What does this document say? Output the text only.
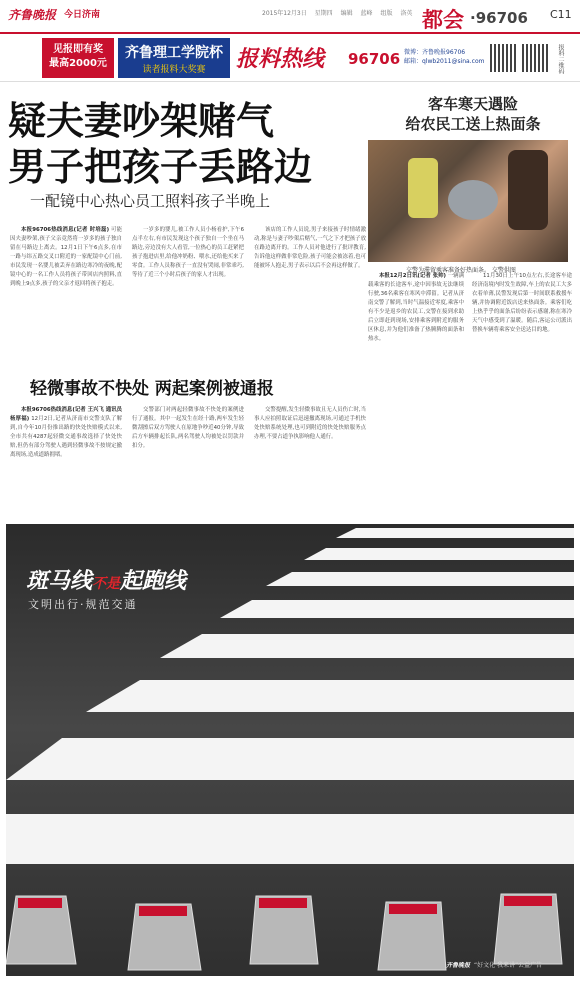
齐鲁晚报 今日济南	2015年12月3日 星期四 编辑 蓝峰 组版 洛英 都会 ·96706 C11
见报即有奖
最高2000元
齐鲁理工学院杯
读者报料大奖赛	报料热线 96706 微博：齐鲁晚报96706
邮箱：qlwb2011@sina.com	报料二维码
疑夫妻吵架赌气
男子把孩子丢路边
一配镜中心热心员工照料孩子半晚上

本报96706热线消息(记者 时培磊) 可能因夫妻吵架,孩子父亲竟然将一岁多的孩子独自留在马路边上离去。12月1日下午6点多,在市一路与纬五路交叉口附近的一家配镜中心门前,市民发现一名婴儿被丢弃在路边寒冷的夜晚,配镜中心的一名工作人员将孩子带回店内照料,直到晚上9点多,孩子的父亲才返回将孩子抱走。

一岁多的婴儿,被工作人员小杨看护,下午6点半左右,有市民发现这个孩子独自一个坐在马路边,旁边没有大人看管,一位热心的员工赶紧把孩子抱进店里,给他冲奶粉、喂水,还给他买来了零食。工作人员称孩子一直没有哭闹,非常乖巧,等待了近三个小时后孩子的家人才出现。

该店的工作人员说,男子来接孩子时情绪激动,称是与妻子吵架后赌气,一气之下才把孩子放在路边离开的。工作人员对他进行了批评教育,告诉他这样做非常危险,孩子可能会被冻着,也可能被坏人抱走,男子表示以后不会再这样做了。

客车寒天遇险
给农民工送上热面条
交警为滞留乘客准备好热面条。 交警供图

本报12月2日讯(记者 张帅) 一辆满载乘客的长途客车,途中因事故无法继续行驶,36名乘客在寒风中滞留。记者从济南交警了解到,当时气温接近零度,乘客中有不少是返乡的农民工,交警在接到求助后立即赶到现场,安排乘客到附近的服务区休息,并为他们准备了热腾腾的面条和热水。

11月30日上午10点左右,长途客车途经济南境内时发生故障,车上的农民工大多衣着单薄,民警发现后第一时间联系救援车辆,并协调附近饭店送来热面条。乘客们吃上热乎乎的面条后纷纷表示感谢,称在寒冷天气中感受到了温暖。随后,客运公司派出替换车辆将乘客安全送达目的地。

轻微事故不快处 两起案例被通报

本报96706热线消息(记者 王兴飞 通讯员 杨厚福) 12月2日,记者从济南市交警支队了解到,自今年10月份推出路的快处快赔模式以来,全市共有4287起轻微交通事故选择了快处快赔,但仍有部分驾驶人遇到轻微事故不按规定撤离现场,造成道路拥堵。

交警部门对两起轻微事故不快处的案例进行了通报。其中一起发生在经十路,两车发生轻微刮擦后双方驾驶人在原地争吵近40分钟,导致后方车辆排起长队,两名驾驶人均被处以罚款并扣分。

交警提醒,发生轻微事故且无人员伤亡时,当事人应拍照取证后迅速撤离现场,可通过手机快处快赔系统处理,也可到附近的快处快赔服务点办理,不要占道争执影响他人通行。

斑马线不是起跑线
文明出行·规范交通
齐鲁晚报 “好文化 我来讲”公益广告
